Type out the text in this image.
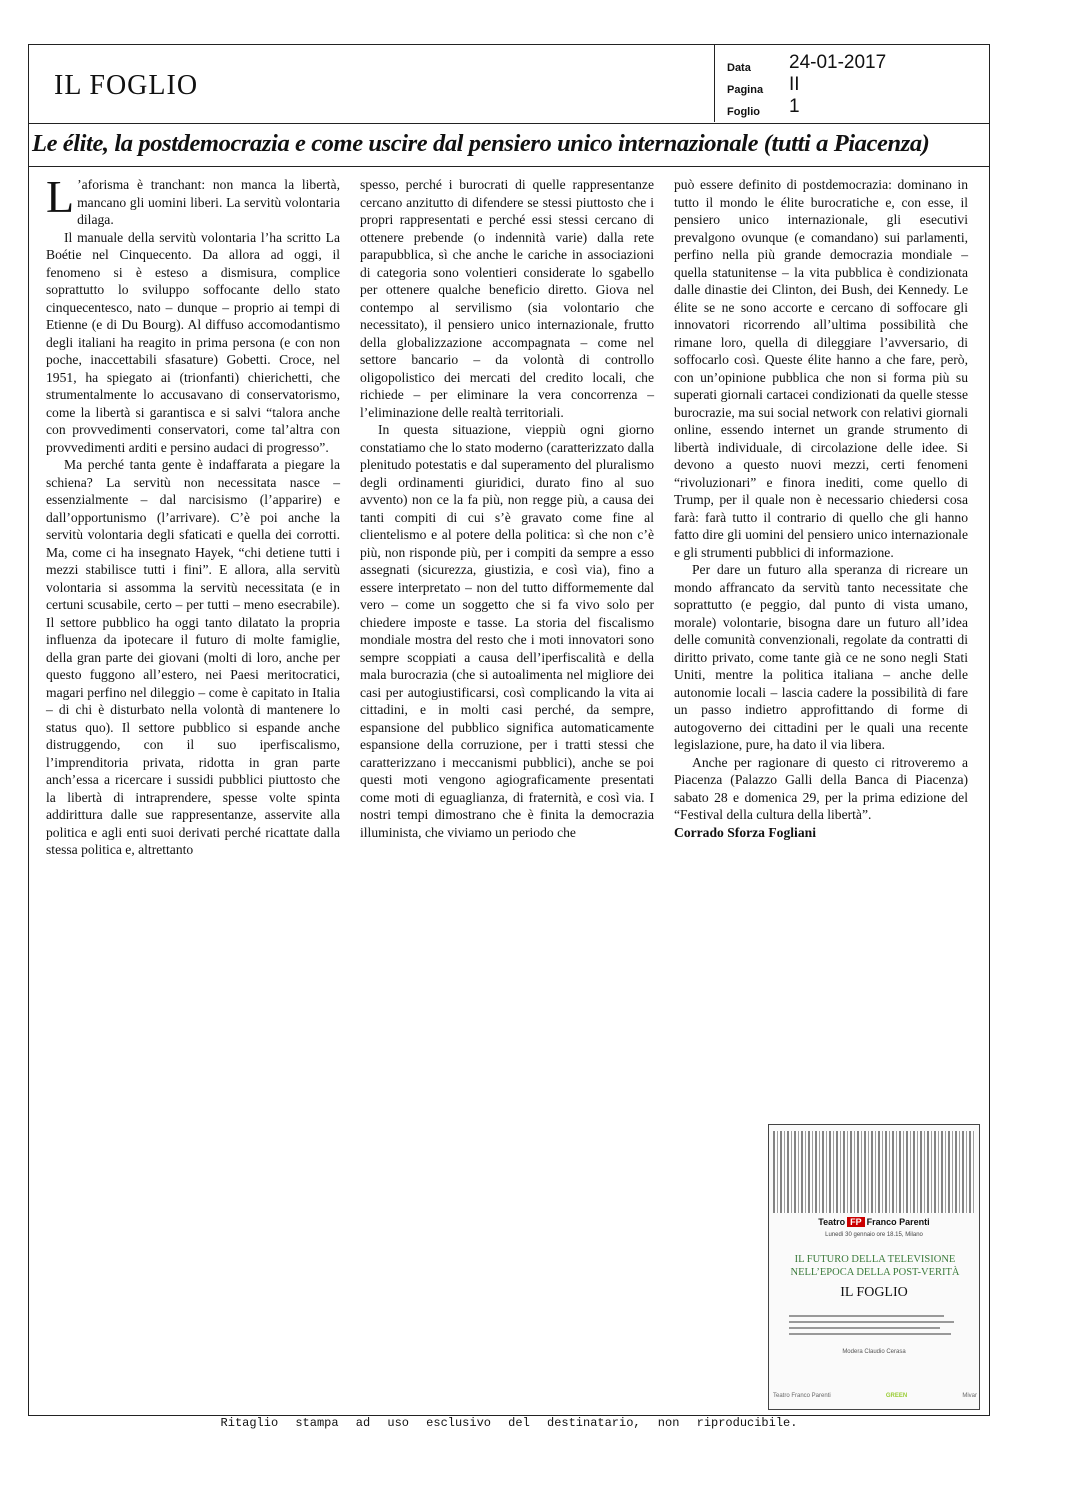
IL FOGLIO
Data 24-01-2017
Pagina II
Foglio 1
Le élite, la postdemocrazia e come uscire dal pensiero unico internazionale (tutti a Piacenza)

L ’aforisma è tranchant: non manca la libertà, mancano gli uomini liberi. La servitù volontaria dilaga.

Il manuale della servitù volontaria l’ha scritto La Boétie nel Cinquecento. Da allora ad oggi, il fenomeno si è esteso a dismisura, complice soprattutto lo sviluppo soffocante dello stato cinquecentesco, nato – dunque – proprio ai tempi di Etienne (e di Du Bourg). Al diffuso accomodantismo degli italiani ha reagito in prima persona (e con non poche, inaccettabili sfasature) Gobetti. Croce, nel 1951, ha spiegato ai (trionfanti) chierichetti, che strumentalmente lo accusavano di conservatorismo, come la libertà si garantisca e si salvi “talora anche con provvedimenti conservatori, come tal’altra con provvedimenti arditi e persino audaci di progresso”.

Ma perché tanta gente è indaffarata a piegare la schiena? La servitù non necessitata nasce – essenzialmente – dal narcisismo (l’apparire) e dall’opportunismo (l’arrivare). C’è poi anche la servitù volontaria degli sfaticati e quella dei corrotti. Ma, come ci ha insegnato Hayek, “chi detiene tutti i mezzi stabilisce tutti i fini”. E allora, alla servitù volontaria si assomma la servitù necessitata (e in certuni scusabile, certo – per tutti – meno esecrabile). Il settore pubblico ha oggi tanto dilatato la propria influenza da ipotecare il futuro di molte famiglie, della gran parte dei giovani (molti di loro, anche per questo fuggono all’estero, nei Paesi meritocratici, magari perfino nel dileggio – come è capitato in Italia – di chi è disturbato nella volontà di mantenere lo status quo). Il settore pubblico si espande anche distruggendo, con il suo iperfiscalismo, l’imprenditoria privata, ridotta in gran parte anch’essa a ricercare i sussidi pubblici piuttosto che la libertà di intraprendere, spesse volte spinta addirittura dalle sue rappresentanze, asservite alla politica e agli enti suoi derivati perché ricattate dalla stessa politica e, altrettanto

spesso, perché i burocrati di quelle rappresentanze cercano anzitutto di difendere se stessi piuttosto che i propri rappresentati e perché essi stessi cercano di ottenere prebende (o indennità varie) dalla rete parapubblica, sì che anche le cariche in associazioni di categoria sono volentieri considerate lo sgabello per ottenere qualche beneficio diretto. Giova nel contempo al servilismo (sia volontario che necessitato), il pensiero unico internazionale, frutto della globalizzazione accompagnata – come nel settore bancario – da volontà di controllo oligopolistico dei mercati del credito locali, che richiede – per eliminare la vera concorrenza – l’eliminazione delle realtà territoriali.

In questa situazione, vieppiù ogni giorno constatiamo che lo stato moderno (caratterizzato dalla plenitudo potestatis e dal superamento del pluralismo degli ordinamenti giuridici, durato fino al suo avvento) non ce la fa più, non regge più, a causa dei tanti compiti di cui s’è gravato come fine al clientelismo e al potere della politica: sì che non c’è più, non risponde più, per i compiti da sempre a esso assegnati (sicurezza, giustizia, e così via), fino a essere interpretato – non del tutto difformemente dal vero – come un soggetto che si fa vivo solo per chiedere imposte e tasse. La storia del fiscalismo mondiale mostra del resto che i moti innovatori sono sempre scoppiati a causa dell’iperfiscalità e della mala burocrazia (che si autoalimenta nel migliore dei casi per autogiustificarsi, così complicando la vita ai cittadini, e in molti casi perché, da sempre, espansione del pubblico significa automaticamente espansione della corruzione, per i tratti stessi che caratterizzano i meccanismi pubblici), anche se poi questi moti vengono agiograficamente presentati come moti di eguaglianza, di fraternità, e così via. I nostri tempi dimostrano che è finita la democrazia illuminista, che viviamo un periodo che

può essere definito di postdemocrazia: dominano in tutto il mondo le élite burocratiche e, con esse, il pensiero unico internazionale, gli esecutivi prevalgono ovunque (e comandano) sui parlamenti, perfino nella più grande democrazia mondiale – quella statunitense – la vita pubblica è condizionata dalle dinastie dei Clinton, dei Bush, dei Kennedy. Le élite se ne sono accorte e cercano di soffocare gli innovatori ricorrendo all’ultima possibilità che rimane loro, quella di dileggiare l’avversario, di soffocarlo così. Queste élite hanno a che fare, però, con un’opinione pubblica che non si forma più su superati giornali cartacei condizionati da quelle stesse burocrazie, ma sui social network con relativi giornali online, essendo internet un grande strumento di libertà individuale, di circolazione delle idee. Si devono a questo nuovi mezzi, certi fenomeni “rivoluzionari” e finora inediti, come quello di Trump, per il quale non è necessario chiedersi cosa farà: farà tutto il contrario di quello che gli hanno fatto dire gli uomini del pensiero unico internazionale e gli strumenti pubblici di informazione.

Per dare un futuro alla speranza di ricreare un mondo affrancato da servitù tanto necessitate che soprattutto (e peggio, dal punto di vista umano, morale) volontarie, bisogna dare un futuro all’idea delle comunità convenzionali, regolate da contratti di diritto privato, come tante già ce ne sono negli Stati Uniti, mentre la politica italiana – anche delle autonomie locali – lascia cadere la possibilità di fare un passo indietro approfittando di forme di autogoverno dei cittadini per le quali una recente legislazione, pure, ha dato il via libera.

Anche per ragionare di questo ci ritroveremo a Piacenza (Palazzo Galli della Banca di Piacenza) sabato 28 e domenica 29, per la prima edizione del “Festival della cultura della libertà”.

Corrado Sforza Fogliani

Teatro FP Franco Parenti
Lunedì 30 gennaio ore 18.15, Milano
IL FUTURO DELLA TELEVISIONE NELL’EPOCA DELLA POST-VERITÀ
IL FOGLIO
Modera Claudio Cerasa
Teatro Franco Parenti	GREEN	Mivar
Ritaglio stampa ad uso esclusivo del destinatario, non riproducibile.
